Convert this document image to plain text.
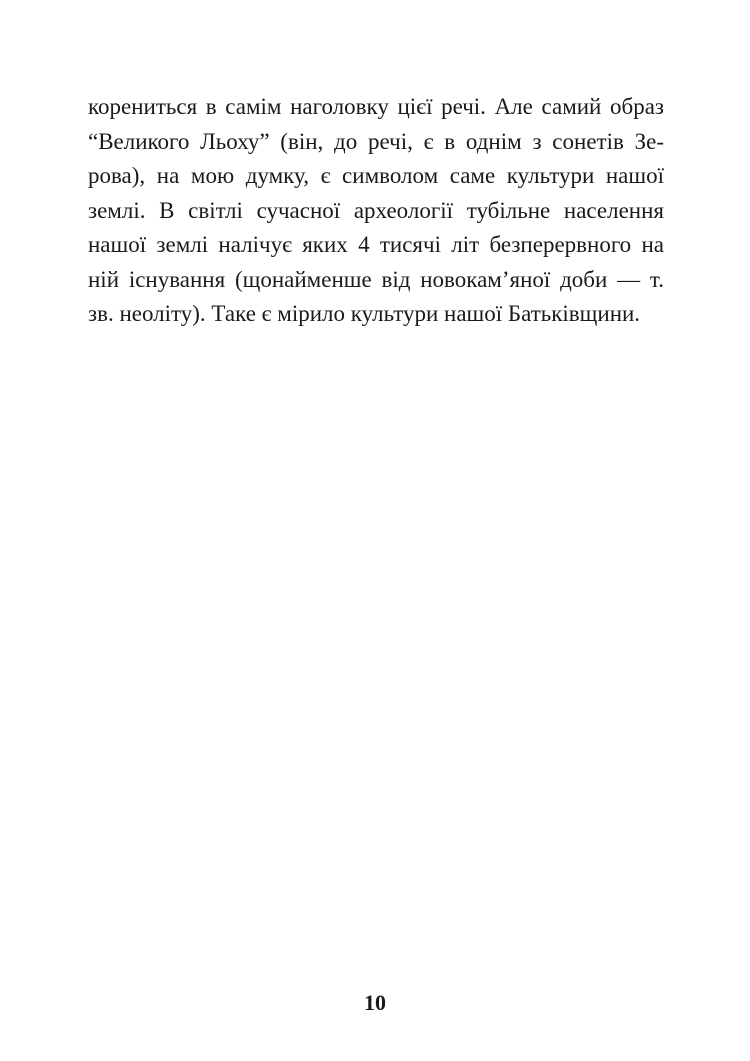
корениться в самім наголовку цієї речі. Але самий образ
“Великого Льоху” (він, до речі, є в однім з сонетів Зе-
рова), на мою думку, є символом саме культури нашої
землі. В світлі сучасної археології тубільне населення
нашої землі налічує яких 4 тисячі літ безперервного на
ній існування (щонайменше від новокам’яної доби — т.
зв. неоліту). Таке є мірило культури нашої Батьківщини.
10
